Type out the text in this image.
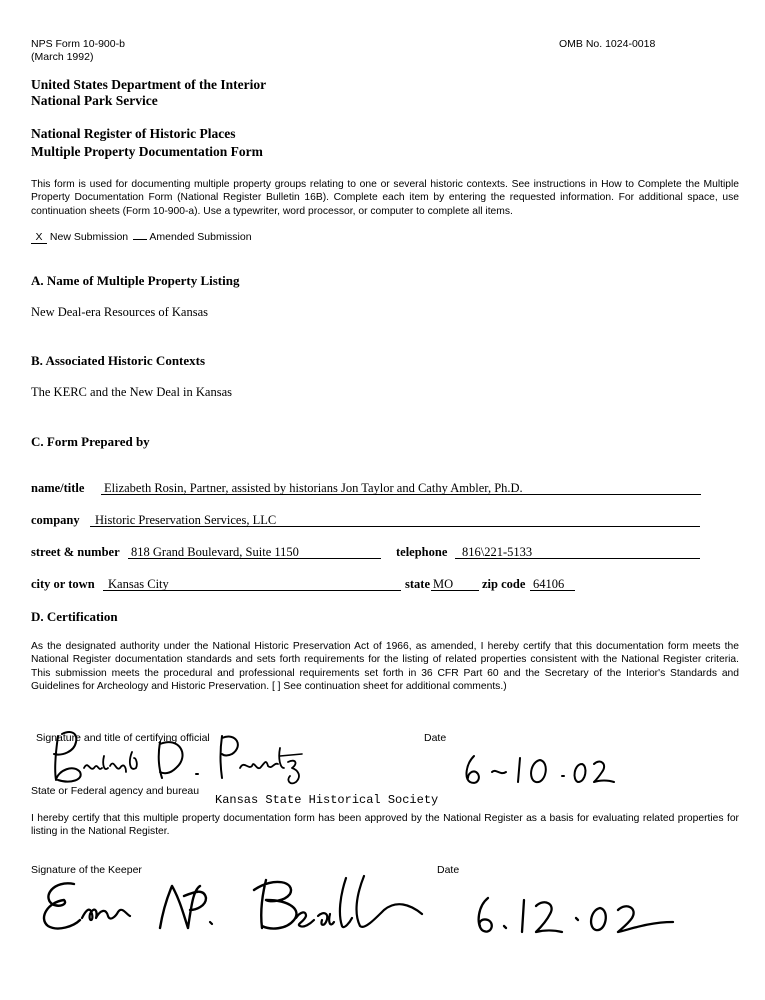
NPS Form 10-900-b
(March 1992)
OMB No. 1024-0018
United States Department of the Interior
National Park Service
National Register of Historic Places
Multiple Property Documentation Form
This form is used for documenting multiple property groups relating to one or several historic contexts. See instructions in How to Complete the Multiple Property Documentation Form (National Register Bulletin 16B). Complete each item by entering the requested information. For additional space, use continuation sheets (Form 10-900-a). Use a typewriter, word processor, or computer to complete all items.
X New Submission Amended Submission
A. Name of Multiple Property Listing
New Deal-era Resources of Kansas
B. Associated Historic Contexts
The KERC and the New Deal in Kansas
C. Form Prepared by
name/title Elizabeth Rosin, Partner, assisted by historians Jon Taylor and Cathy Ambler, Ph.D.
company Historic Preservation Services, LLC
street & number 818 Grand Boulevard, Suite 1150	telephone 816\221-5133
city or town Kansas City	state MO zip code 64106
D. Certification
As the designated authority under the National Historic Preservation Act of 1966, as amended, I hereby certify that this documentation form meets the National Register documentation standards and sets forth requirements for the listing of related properties consistent with the National Register criteria. This submission meets the procedural and professional requirements set forth in 36 CFR Part 60 and the Secretary of the Interior's Standards and Guidelines for Archeology and Historic Preservation. [ ] See continuation sheet for additional comments.)
Signature and title of certifying official	Date
State or Federal agency and bureau
Kansas State Historical Society
I hereby certify that this multiple property documentation form has been approved by the National Register as a basis for evaluating related properties for listing in the National Register.
Signature of the Keeper	Date
